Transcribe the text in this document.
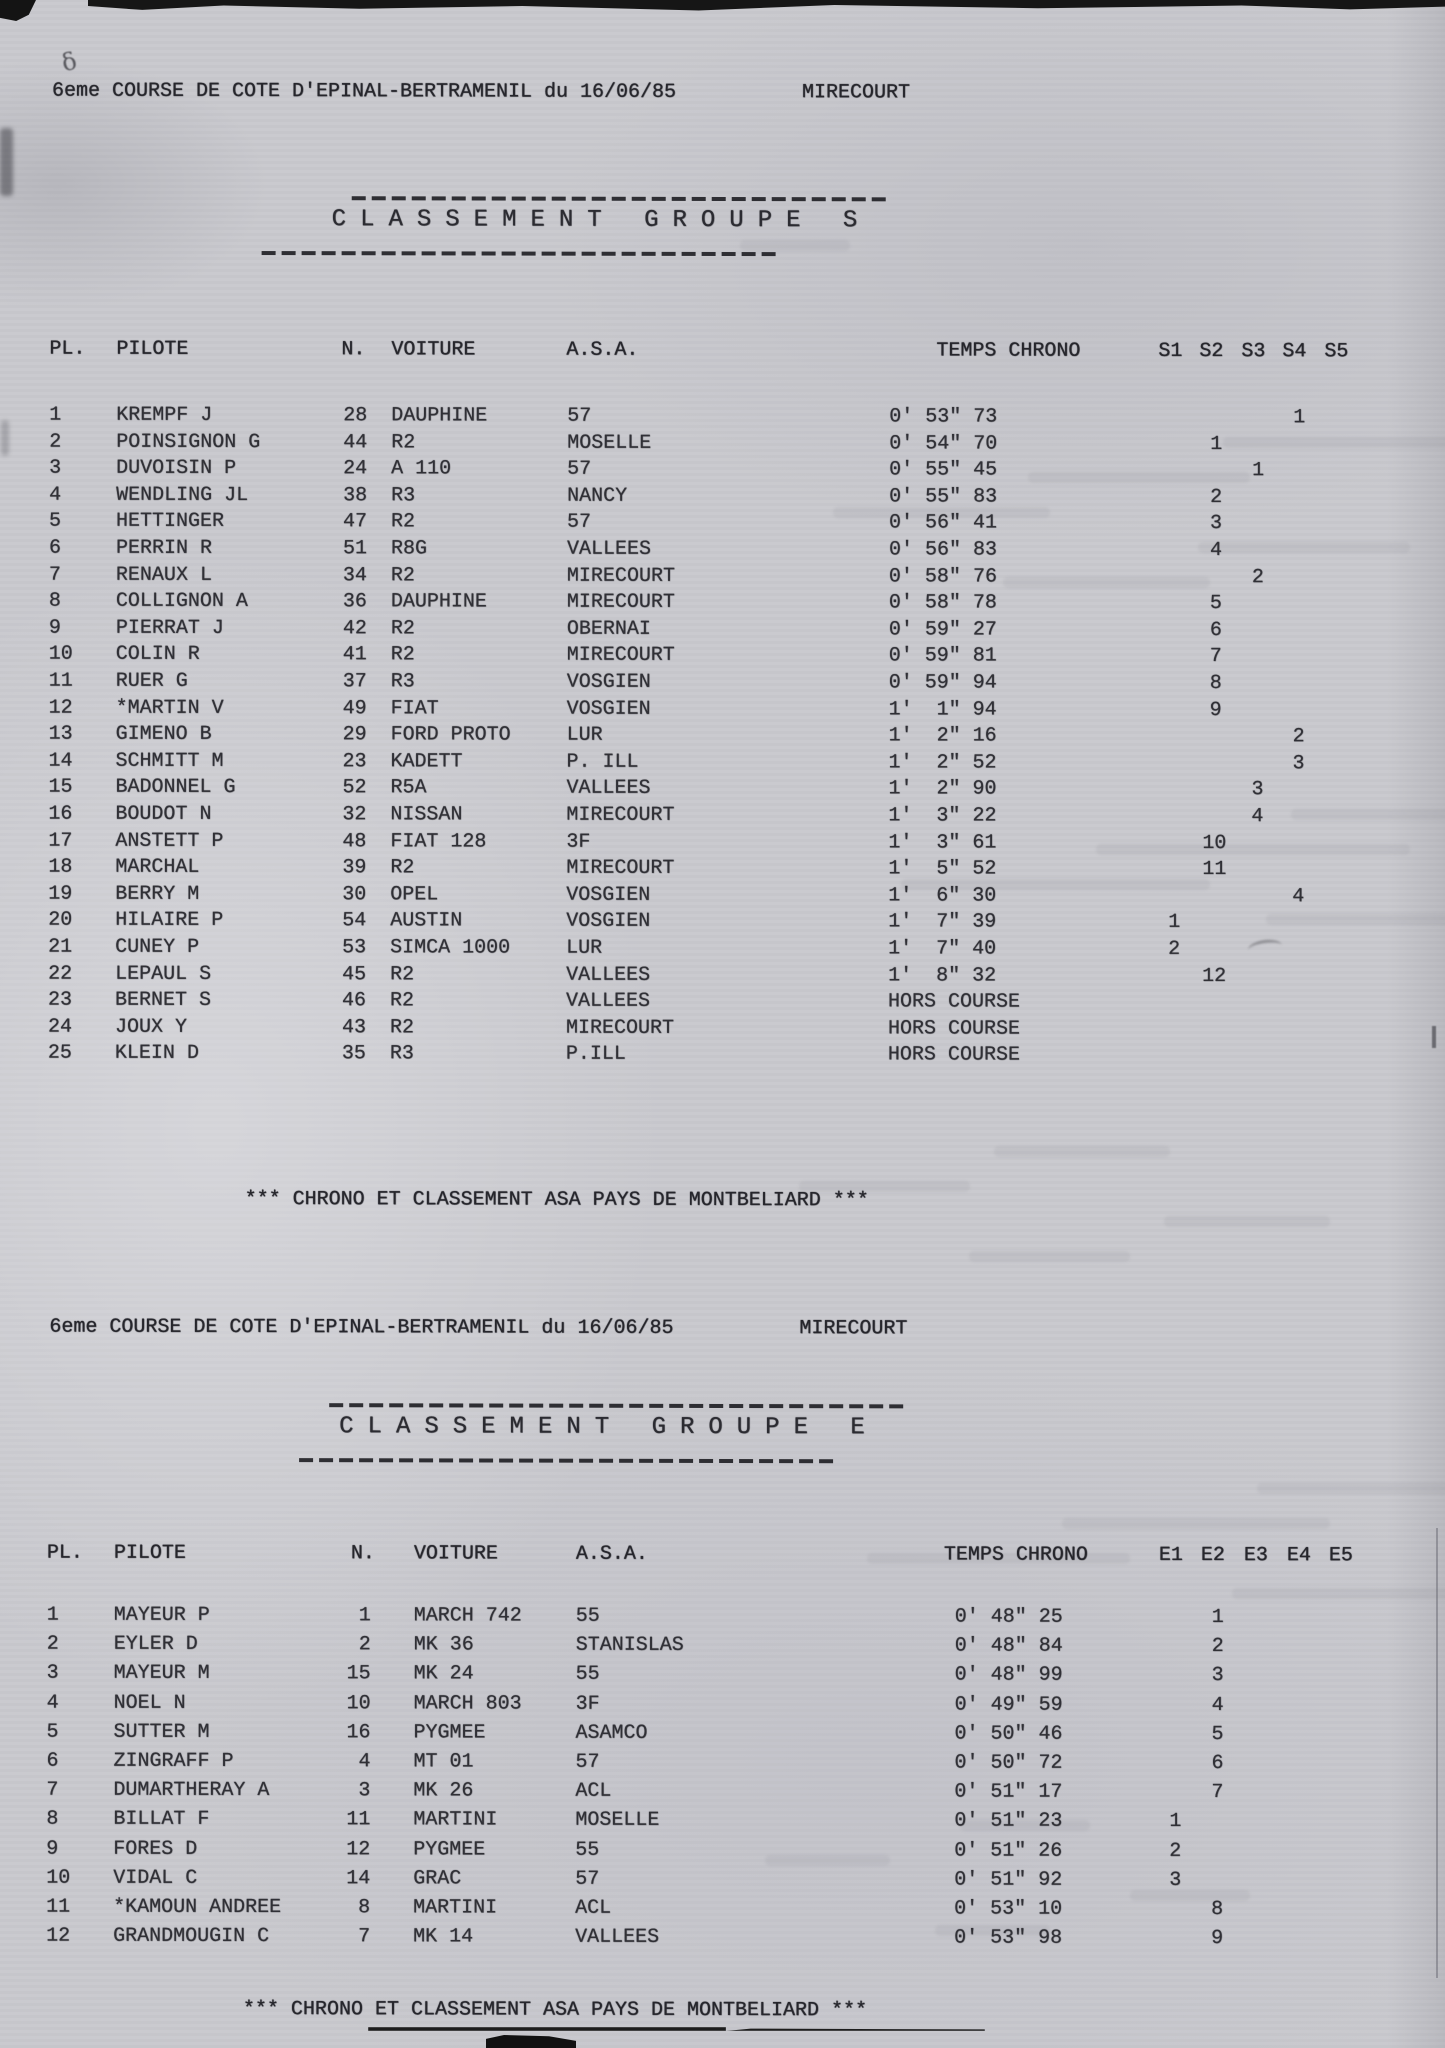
δ
6eme COURSE DE COTE D'EPINAL-BERTRAMENIL du 16/06/85	MIRECOURT
CLASSEMENT GROUPE S
PL. PILOTE	N. VOITURE	A.S.A.	TEMPS CHRONO	S1 S2 S3 S4 S5
1	KREMPF J	28 DAUPHINE	57	0' 53" 73	1
2	POINSIGNON G	44 R2	MOSELLE	0' 54" 70	1
3	DUVOISIN P	24 A 110	57	0' 55" 45	1
4	WENDLING JL	38 R3	NANCY	0' 55" 83	2
5	HETTINGER	47 R2	57	0' 56" 41	3
6	PERRIN R	51 R8G	VALLEES	0' 56" 83	4
7	RENAUX L	34 R2	MIRECOURT	0' 58" 76	2
8	COLLIGNON A	36 DAUPHINE	MIRECOURT	0' 58" 78	5
9	PIERRAT J	42 R2	OBERNAI	0' 59" 27	6
10 COLIN R	41 R2	MIRECOURT	0' 59" 81	7
11 RUER G	37 R3	VOSGIEN	0' 59" 94	8
12 *MARTIN V	49 FIAT	VOSGIEN	1'  1" 94	9
13 GIMENO B	29 FORD PROTO	LUR	1'  2" 16	2
14 SCHMITT M	23 KADETT	P. ILL	1'  2" 52	3
15 BADONNEL G	52 R5A	VALLEES	1'  2" 90	3
16 BOUDOT N	32 NISSAN	MIRECOURT	1'  3" 22	4
17 ANSTETT P	48 FIAT 128	3F	1'  3" 61	10
18 MARCHAL	39 R2	MIRECOURT	1'  5" 52	11
19 BERRY M	30 OPEL	VOSGIEN	1'  6" 30	4
20 HILAIRE P	54 AUSTIN	VOSGIEN	1'  7" 39	1
21 CUNEY P	53 SIMCA 1000	LUR	1'  7" 40	2
22 LEPAUL S	45 R2	VALLEES	1'  8" 32	12
23 BERNET S	46 R2	VALLEES	HORS COURSE
24 JOUX Y	43 R2	MIRECOURT	HORS COURSE
25 KLEIN D	35 R3	P.ILL	HORS COURSE
*** CHRONO ET CLASSEMENT ASA PAYS DE MONTBELIARD ***
6eme COURSE DE COTE D'EPINAL-BERTRAMENIL du 16/06/85	MIRECOURT
CLASSEMENT GROUPE E
PL. PILOTE	N. VOITURE	A.S.A.	TEMPS CHRONO	E1 E2 E3 E4 E5
1	MAYEUR P	1 MARCH 742	55	0' 48" 25	1
2	EYLER D	2 MK 36	STANISLAS	0' 48" 84	2
3	MAYEUR M	15 MK 24	55	0' 48" 99	3
4	NOEL N	10 MARCH 803	3F	0' 49" 59	4
5	SUTTER M	16 PYGMEE	ASAMCO	0' 50" 46	5
6	ZINGRAFF P	4 MT 01	57	0' 50" 72	6
7	DUMARTHERAY A	3 MK 26	ACL	0' 51" 17	7
8	BILLAT F	11 MARTINI	MOSELLE	0' 51" 23	1
9	FORES D	12 PYGMEE	55	0' 51" 26	2
10 VIDAL C	14 GRAC	57	0' 51" 92	3
11 *KAMOUN ANDREE	8 MARTINI	ACL	0' 53" 10	8
12 GRANDMOUGIN C	7 MK 14	VALLEES	0' 53" 98	9
*** CHRONO ET CLASSEMENT ASA PAYS DE MONTBELIARD ***
